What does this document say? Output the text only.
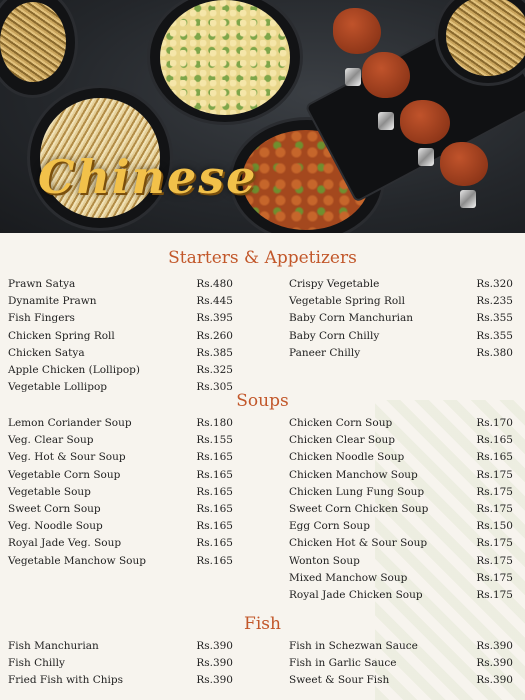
Chinese
Starters & Appetizers
Prawn Satya	Rs.480
Dynamite Prawn	Rs.445
Fish Fingers	Rs.395
Chicken Spring Roll	Rs.260
Chicken Satya	Rs.385
Apple Chicken (Lollipop)	Rs.325
Vegetable Lollipop	Rs.305
Crispy Vegetable	Rs.320
Vegetable Spring Roll	Rs.235
Baby Corn Manchurian	Rs.355
Baby Corn Chilly	Rs.355
Paneer Chilly	Rs.380
Soups
Lemon Coriander Soup	Rs.180
Veg. Clear Soup	Rs.155
Veg. Hot & Sour Soup	Rs.165
Vegetable Corn Soup	Rs.165
Vegetable Soup	Rs.165
Sweet Corn Soup	Rs.165
Veg. Noodle Soup	Rs.165
Royal Jade Veg. Soup	Rs.165
Vegetable Manchow Soup	Rs.165
Chicken Corn Soup	Rs.170
Chicken Clear Soup	Rs.165
Chicken Noodle Soup	Rs.165
Chicken Manchow Soup	Rs.175
Chicken Lung Fung Soup	Rs.175
Sweet Corn Chicken Soup	Rs.175
Egg Corn Soup	Rs.150
Chicken Hot & Sour Soup	Rs.175
Wonton Soup	Rs.175
Mixed Manchow Soup	Rs.175
Royal Jade Chicken Soup	Rs.175
Fish
Fish Manchurian	Rs.390
Fish Chilly	Rs.390
Fried Fish with Chips	Rs.390
Fish in Schezwan Sauce	Rs.390
Fish in Garlic Sauce	Rs.390
Sweet & Sour Fish	Rs.390
